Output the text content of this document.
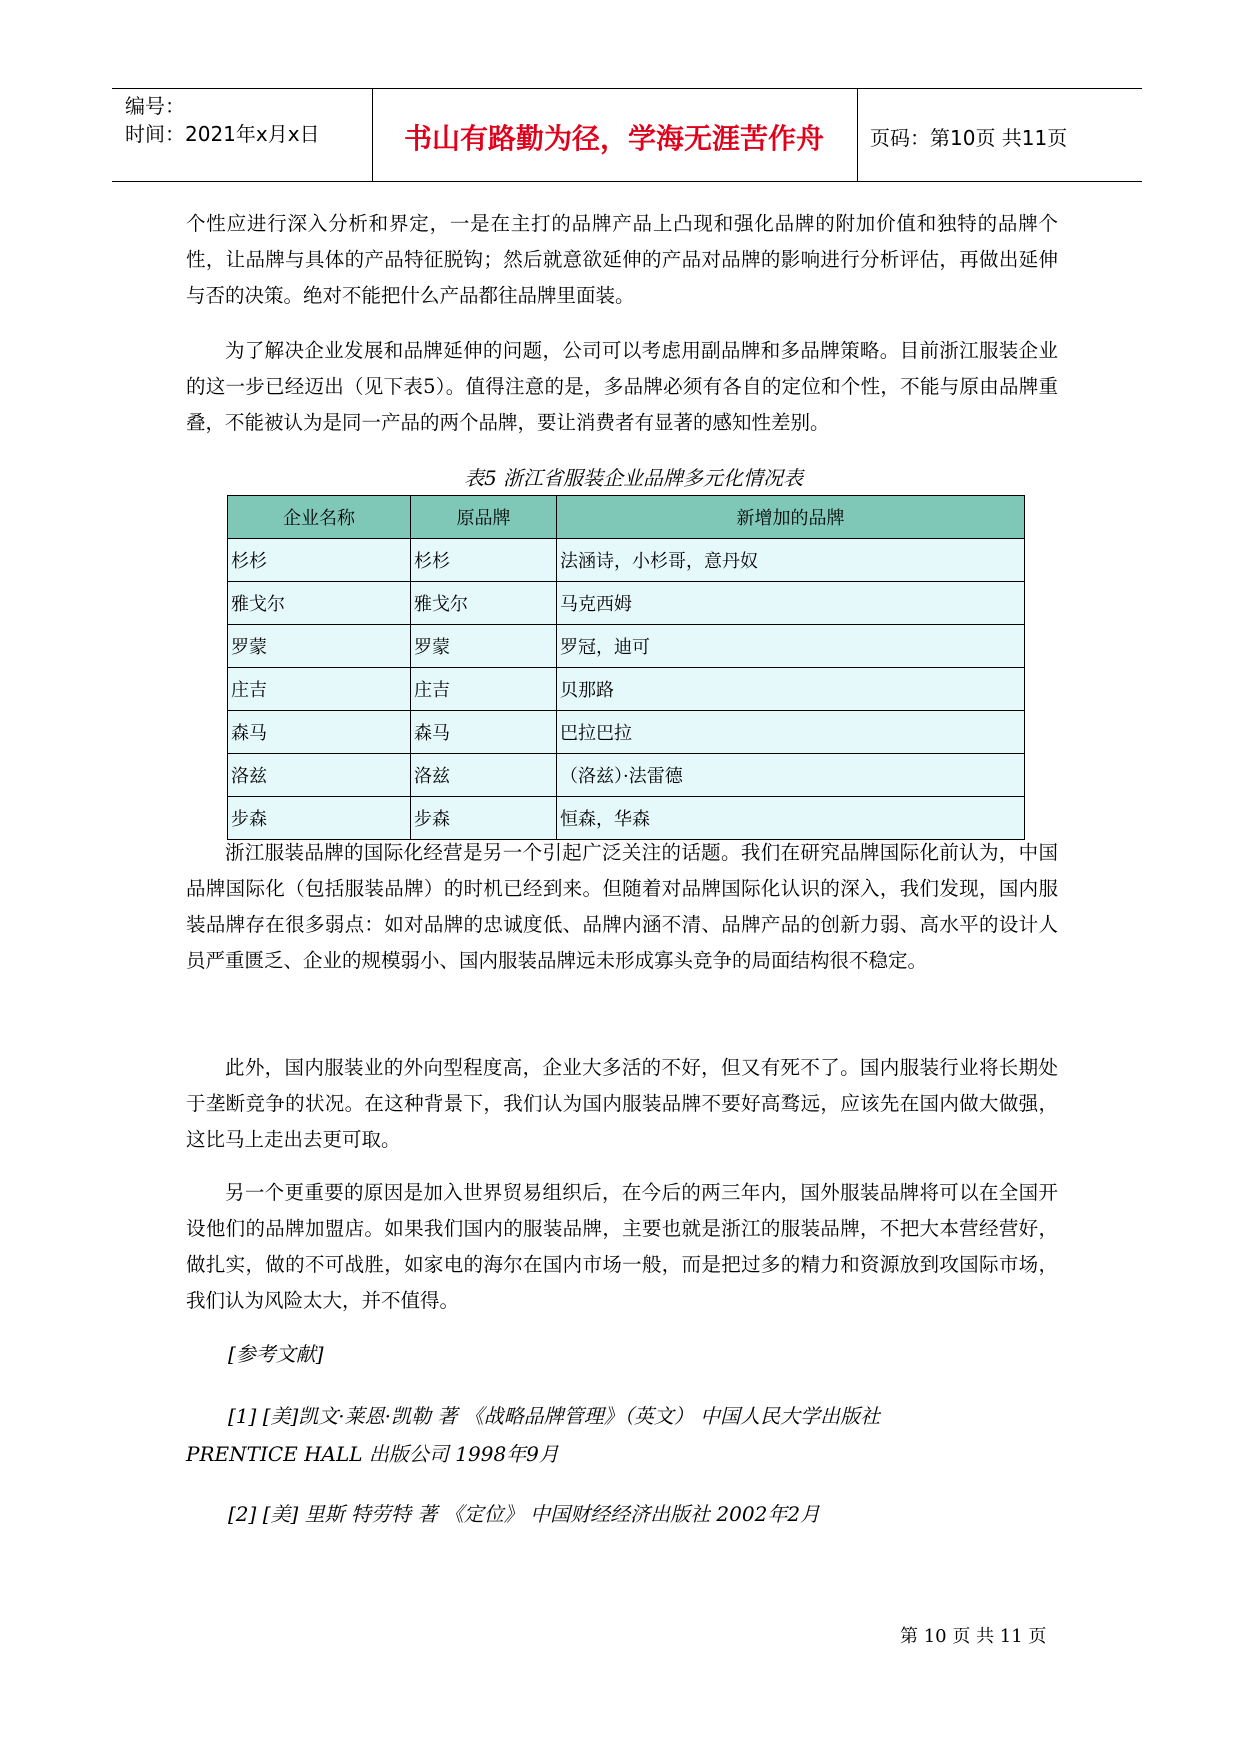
编号：
时间：2021年x月x日	书山有路勤为径，学海无涯苦作舟	页码：第10页 共11页
个性应进行深入分析和界定，一是在主打的品牌产品上凸现和强化品牌的附加价值和独特的品牌个性，让品牌与具体的产品特征脱钩；然后就意欲延伸的产品对品牌的影响进行分析评估，再做出延伸与否的决策。绝对不能把什么产品都往品牌里面装。
为了解决企业发展和品牌延伸的问题，公司可以考虑用副品牌和多品牌策略。目前浙江服装企业的这一步已经迈出（见下表5）。值得注意的是，多品牌必须有各自的定位和个性，不能与原由品牌重叠，不能被认为是同一产品的两个品牌，要让消费者有显著的感知性差别。
表5 浙江省服装企业品牌多元化情况表
企业名称	原品牌	新增加的品牌
杉杉	杉杉	法涵诗，小杉哥，意丹奴
雅戈尔	雅戈尔	马克西姆
罗蒙	罗蒙	罗冠，迪可
庄吉	庄吉	贝那路
森马	森马	巴拉巴拉
洛兹	洛兹	（洛兹）·法雷德
步森	步森	恒森，华森
浙江服装品牌的国际化经营是另一个引起广泛关注的话题。我们在研究品牌国际化前认为，中国品牌国际化（包括服装品牌）的时机已经到来。但随着对品牌国际化认识的深入，我们发现，国内服装品牌存在很多弱点：如对品牌的忠诚度低、品牌内涵不清、品牌产品的创新力弱、高水平的设计人员严重匮乏、企业的规模弱小、国内服装品牌远未形成寡头竞争的局面结构很不稳定。
此外，国内服装业的外向型程度高，企业大多活的不好，但又有死不了。国内服装行业将长期处于垄断竞争的状况。在这种背景下，我们认为国内服装品牌不要好高骛远，应该先在国内做大做强，这比马上走出去更可取。
另一个更重要的原因是加入世界贸易组织后，在今后的两三年内，国外服装品牌将可以在全国开设他们的品牌加盟店。如果我们国内的服装品牌，主要也就是浙江的服装品牌，不把大本营经营好，做扎实，做的不可战胜，如家电的海尔在国内市场一般，而是把过多的精力和资源放到攻国际市场，我们认为风险太大，并不值得。
[参考文献]
[1] [美]凯文·莱恩·凯勒 著 《战略品牌管理》（英文） 中国人民大学出版社
PRENTICE HALL 出版公司 1998年9月
[2] [美] 里斯 特劳特 著 《定位》 中国财经经济出版社 2002年2月
第 10 页 共 11 页
